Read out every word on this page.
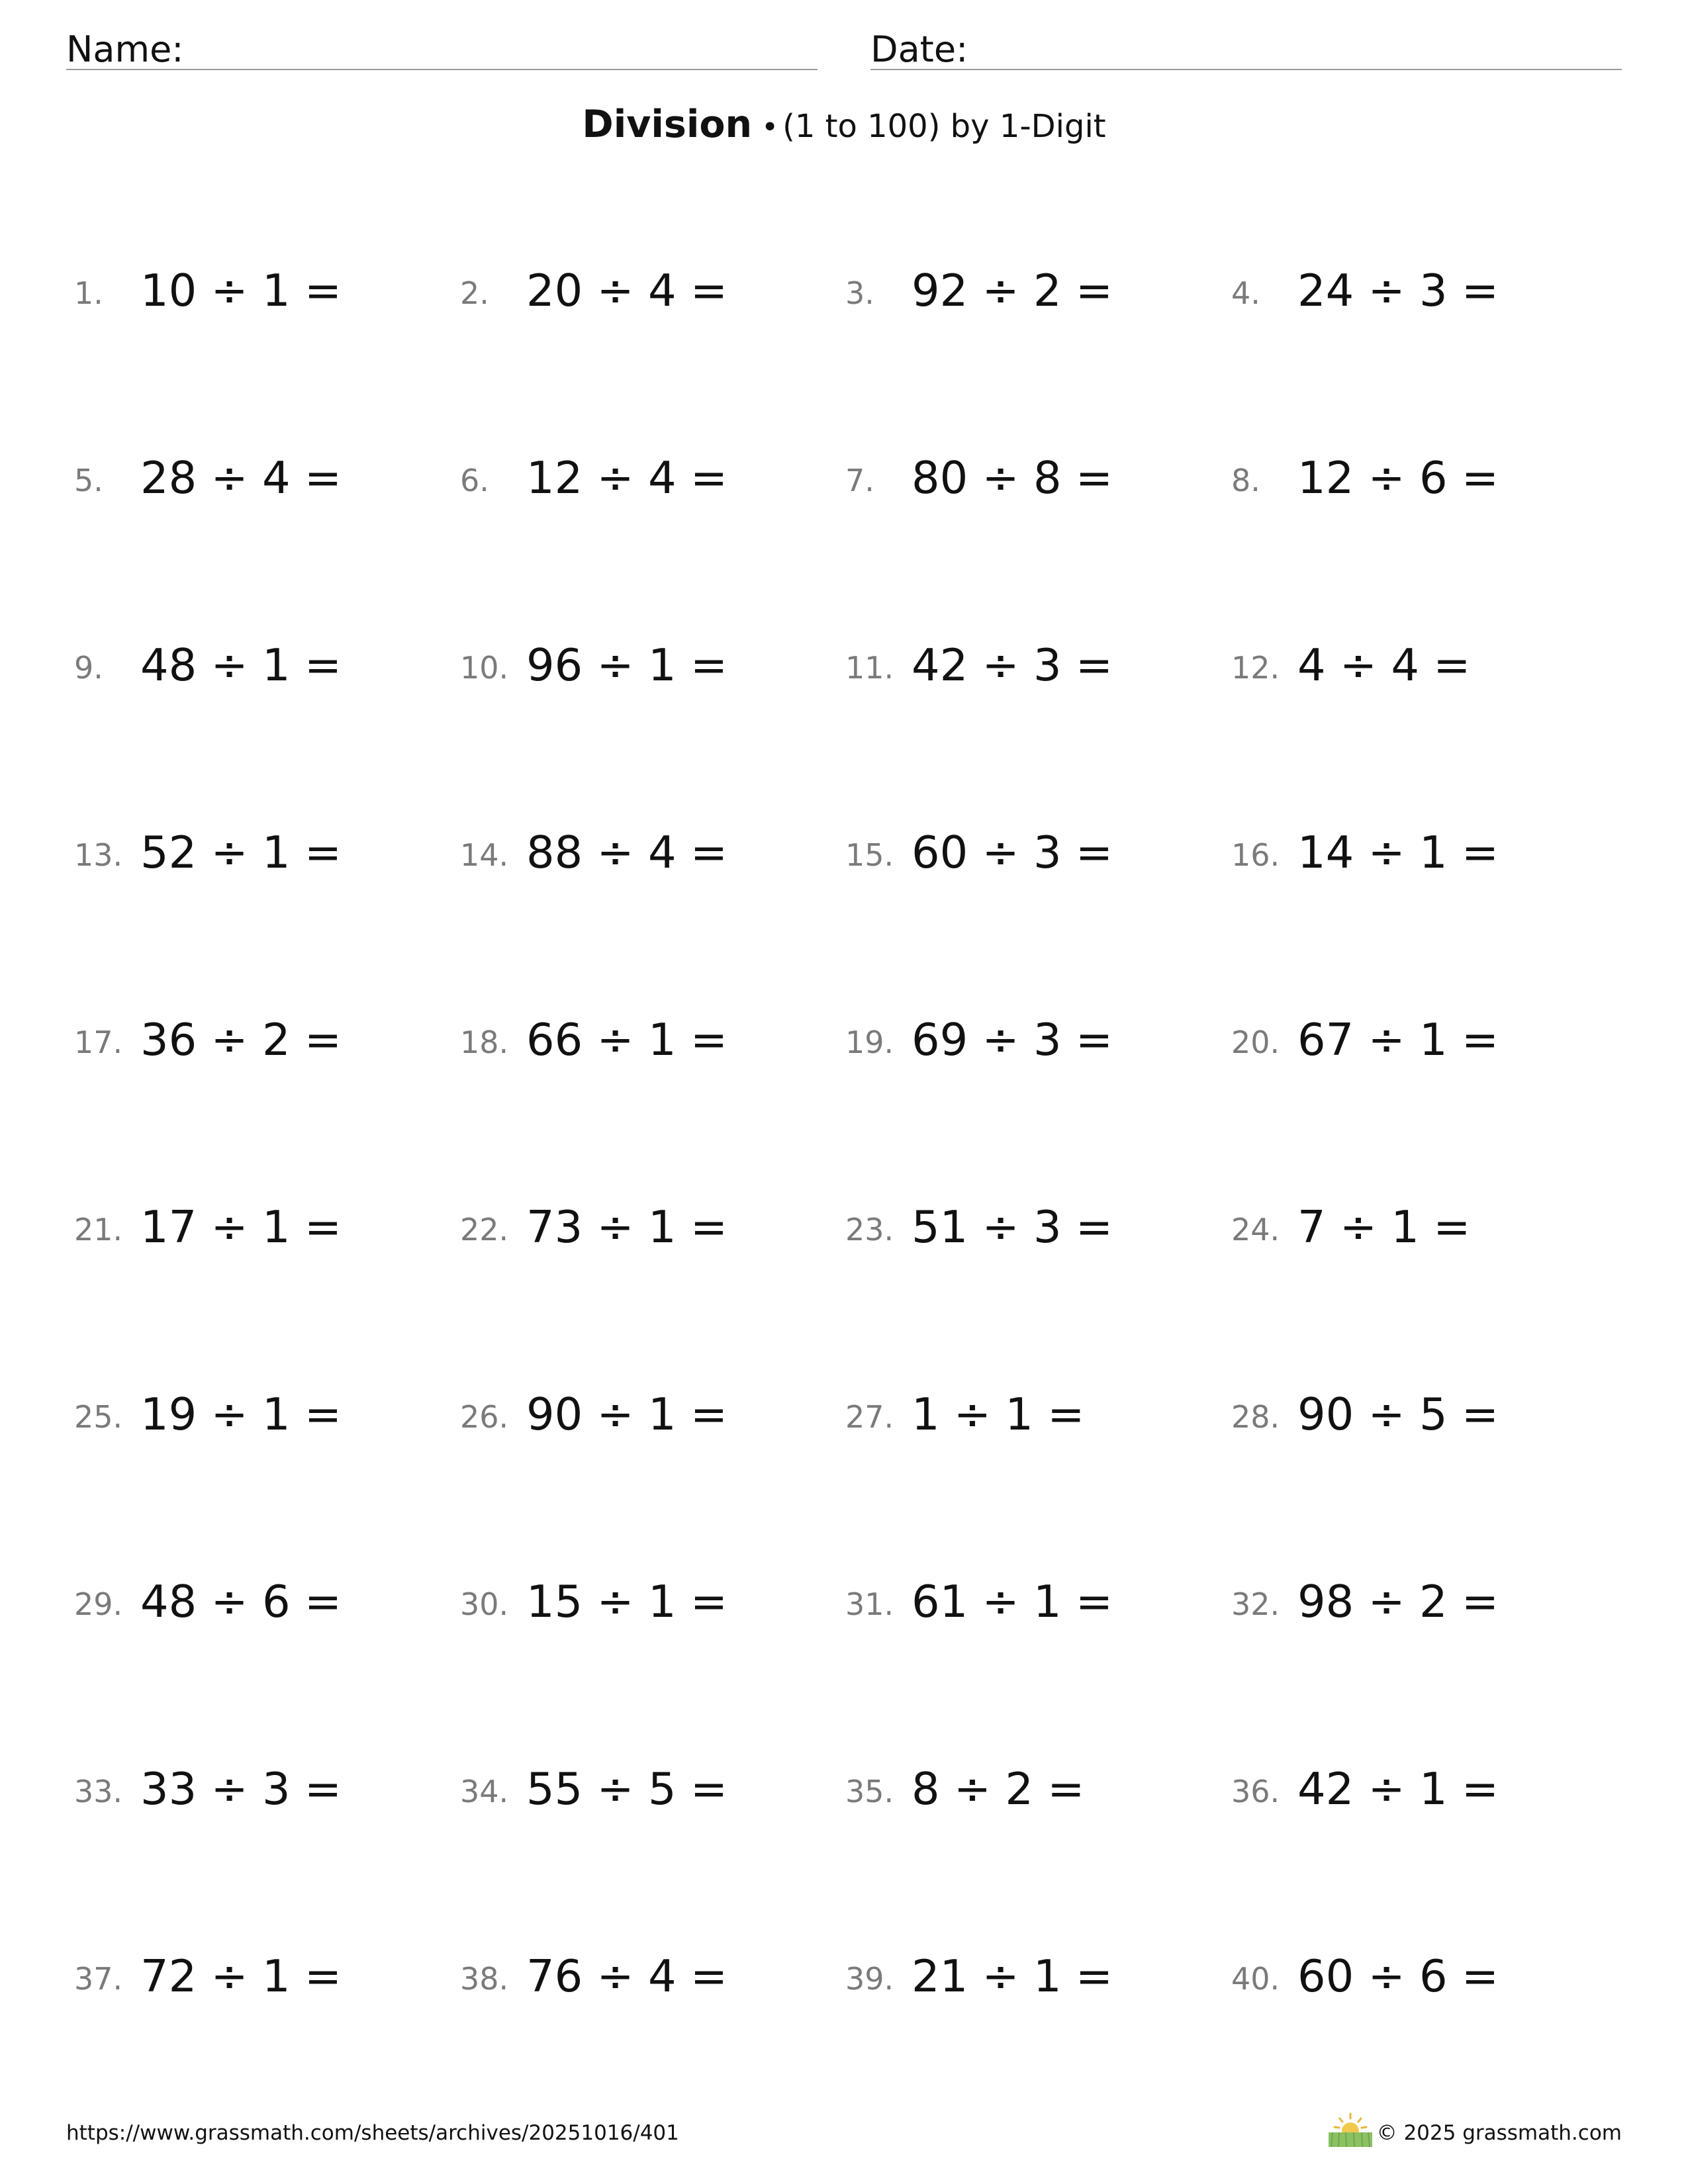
Name:	Date:
Division • (1 to 100) by 1-Digit
1. 10 ÷ 1 =	2. 20 ÷ 4 =	3. 92 ÷ 2 =	4. 24 ÷ 3 =
5. 28 ÷ 4 =	6. 12 ÷ 4 =	7. 80 ÷ 8 =	8. 12 ÷ 6 =
9. 48 ÷ 1 =	10. 96 ÷ 1 =	11. 42 ÷ 3 =	12. 4 ÷ 4 =
13. 52 ÷ 1 =	14. 88 ÷ 4 =	15. 60 ÷ 3 =	16. 14 ÷ 1 =
17. 36 ÷ 2 =	18. 66 ÷ 1 =	19. 69 ÷ 3 =	20. 67 ÷ 1 =
21. 17 ÷ 1 =	22. 73 ÷ 1 =	23. 51 ÷ 3 =	24. 7 ÷ 1 =
25. 19 ÷ 1 =	26. 90 ÷ 1 =	27. 1 ÷ 1 =	28. 90 ÷ 5 =
29. 48 ÷ 6 =	30. 15 ÷ 1 =	31. 61 ÷ 1 =	32. 98 ÷ 2 =
33. 33 ÷ 3 =	34. 55 ÷ 5 =	35. 8 ÷ 2 =	36. 42 ÷ 1 =
37. 72 ÷ 1 =	38. 76 ÷ 4 =	39. 21 ÷ 1 =	40. 60 ÷ 6 =
https://www.grassmath.com/sheets/archives/20251016/401	© 2025 grassmath.com
